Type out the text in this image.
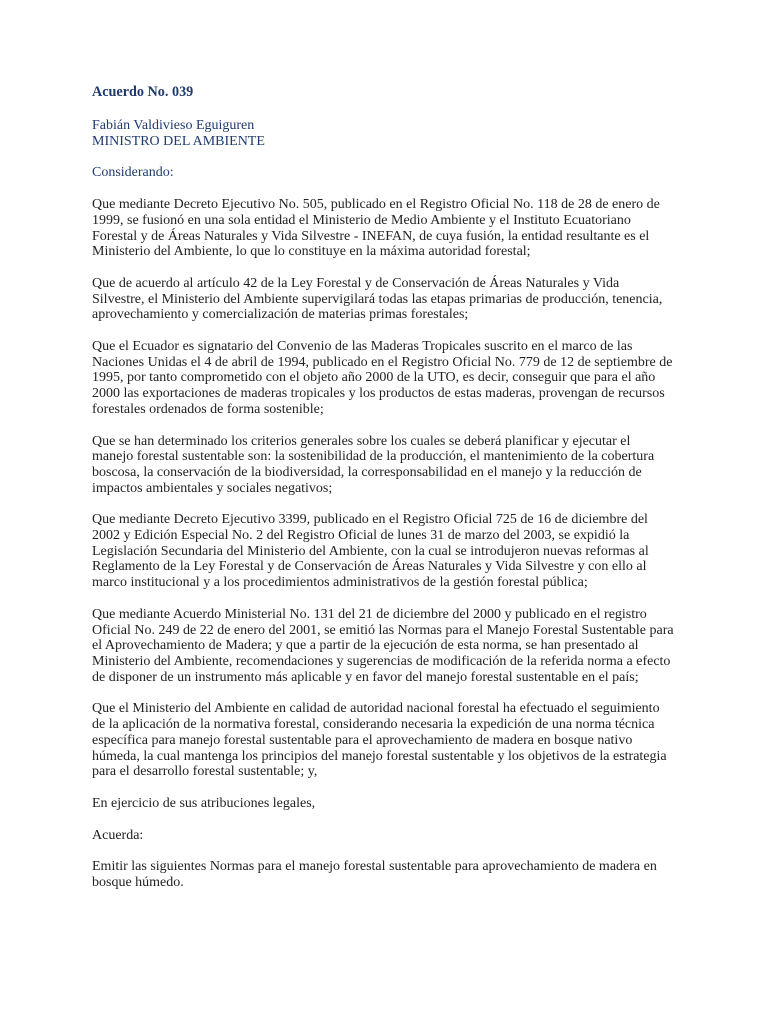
Acuerdo No. 039
Fabián Valdivieso Eguiguren
MINISTRO DEL AMBIENTE
Considerando:

Que mediante Decreto Ejecutivo No. 505, publicado en el Registro Oficial No. 118 de 28 de enero de 1999, se fusionó en una sola entidad el Ministerio de Medio Ambiente y el Instituto Ecuatoriano Forestal y de Áreas Naturales y Vida Silvestre - INEFAN, de cuya fusión, la entidad resultante es el Ministerio del Ambiente, lo que lo constituye en la máxima autoridad forestal;

Que de acuerdo al artículo 42 de la Ley Forestal y de Conservación de Áreas Naturales y Vida Silvestre, el Ministerio del Ambiente supervigilará todas las etapas primarias de producción, tenencia, aprovechamiento y comercialización de materias primas forestales;

Que el Ecuador es signatario del Convenio de las Maderas Tropicales suscrito en el marco de las Naciones Unidas el 4 de abril de 1994, publicado en el Registro Oficial No. 779 de 12 de septiembre de 1995, por tanto comprometido con el objeto año 2000 de la UTO, es decir, conseguir que para el año 2000 las exportaciones de maderas tropicales y los productos de estas maderas, provengan de recursos forestales ordenados de forma sostenible;

Que se han determinado los criterios generales sobre los cuales se deberá planificar y ejecutar el manejo forestal sustentable son: la sostenibilidad de la producción, el mantenimiento de la cobertura boscosa, la conservación de la biodiversidad, la corresponsabilidad en el manejo y la reducción de impactos ambientales y sociales negativos;

Que mediante Decreto Ejecutivo 3399, publicado en el Registro Oficial 725 de 16 de diciembre del 2002 y Edición Especial No. 2 del Registro Oficial de lunes 31 de marzo del 2003, se expidió la Legislación Secundaria del Ministerio del Ambiente, con la cual se introdujeron nuevas reformas al Reglamento de la Ley Forestal y de Conservación de Áreas Naturales y Vida Silvestre y con ello al marco institucional y a los procedimientos administrativos de la gestión forestal pública;

Que mediante Acuerdo Ministerial No. 131 del 21 de diciembre del 2000 y publicado en el registro Oficial No. 249 de 22 de enero del 2001, se emitió las Normas para el Manejo Forestal Sustentable para el Aprovechamiento de Madera; y que a partir de la ejecución de esta norma, se han presentado al Ministerio del Ambiente, recomendaciones y sugerencias de modificación de la referida norma a efecto de disponer de un instrumento más aplicable y en favor del manejo forestal sustentable en el país;

Que el Ministerio del Ambiente en calidad de autoridad nacional forestal ha efectuado el seguimiento de la aplicación de la normativa forestal, considerando necesaria la expedición de una norma técnica específica para manejo forestal sustentable para el aprovechamiento de madera en bosque nativo húmeda, la cual mantenga los principios del manejo forestal sustentable y los objetivos de la estrategia para el desarrollo forestal sustentable; y,

En ejercicio de sus atribuciones legales,

Acuerda:

Emitir las siguientes Normas para el manejo forestal sustentable para aprovechamiento de madera en bosque húmedo.
